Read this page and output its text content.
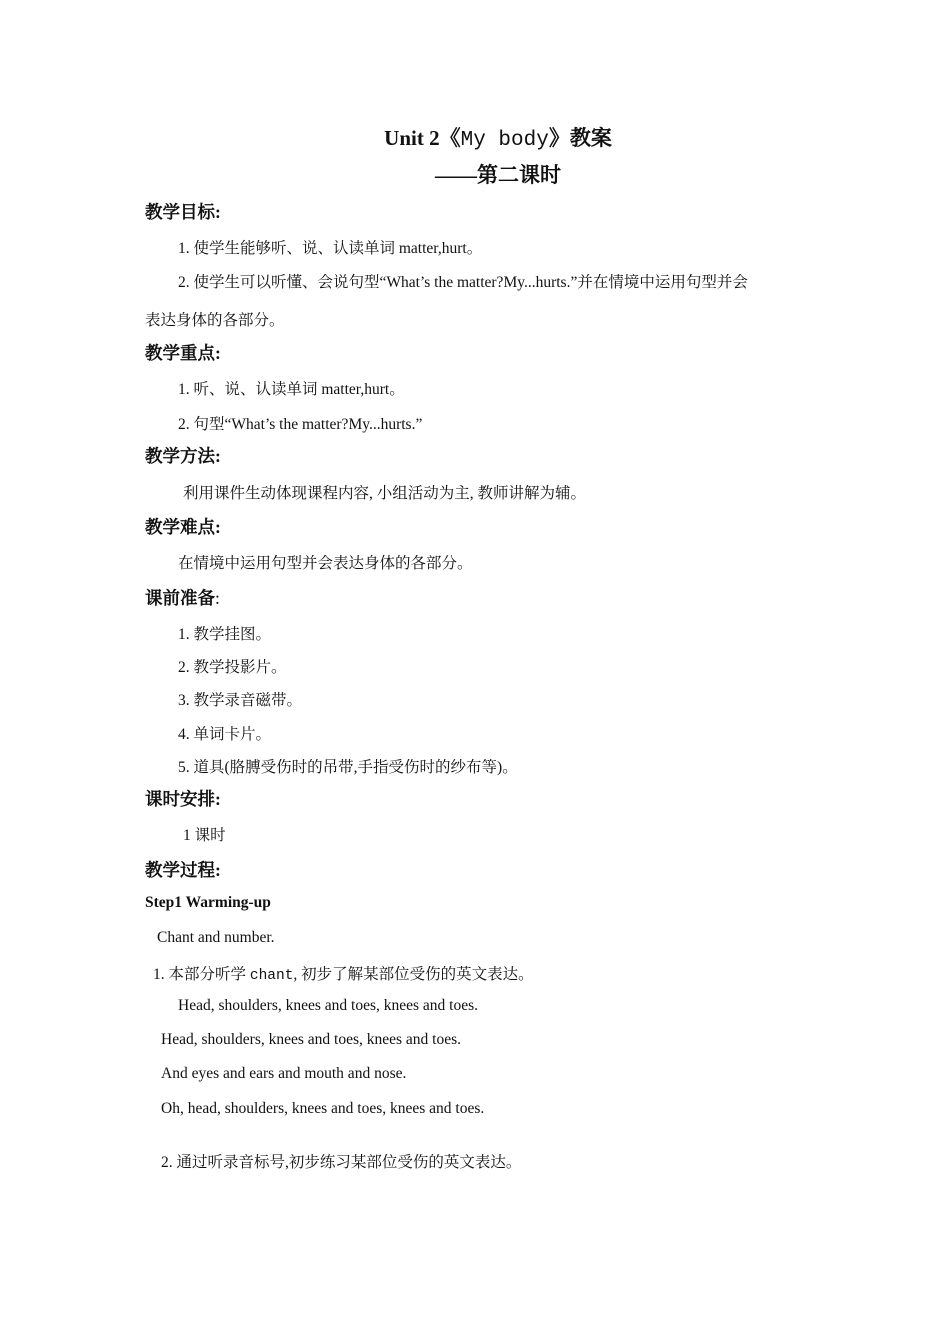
Unit 2《My body》教案
——第二课时
教学目标:
1. 使学生能够听、说、认读单词 matter,hurt。
2. 使学生可以听懂、会说句型“What’s the matter?My...hurts.”并在情境中运用句型并会
表达身体的各部分。
教学重点:
1. 听、说、认读单词 matter,hurt。
2. 句型“What’s the matter?My...hurts.”
教学方法:
利用课件生动体现课程内容, 小组活动为主, 教师讲解为辅。
教学难点:
在情境中运用句型并会表达身体的各部分。
课前准备:
1. 教学挂图。
2. 教学投影片。
3. 教学录音磁带。
4. 单词卡片。
5. 道具(胳膊受伤时的吊带,手指受伤时的纱布等)。
课时安排:
1 课时
教学过程:
Step1 Warming-up
Chant and number.
1. 本部分听学 chant, 初步了解某部位受伤的英文表达。
Head, shoulders, knees and toes, knees and toes.
Head, shoulders, knees and toes, knees and toes.
And eyes and ears and mouth and nose.
Oh, head, shoulders, knees and toes, knees and toes.
2. 通过听录音标号,初步练习某部位受伤的英文表达。
